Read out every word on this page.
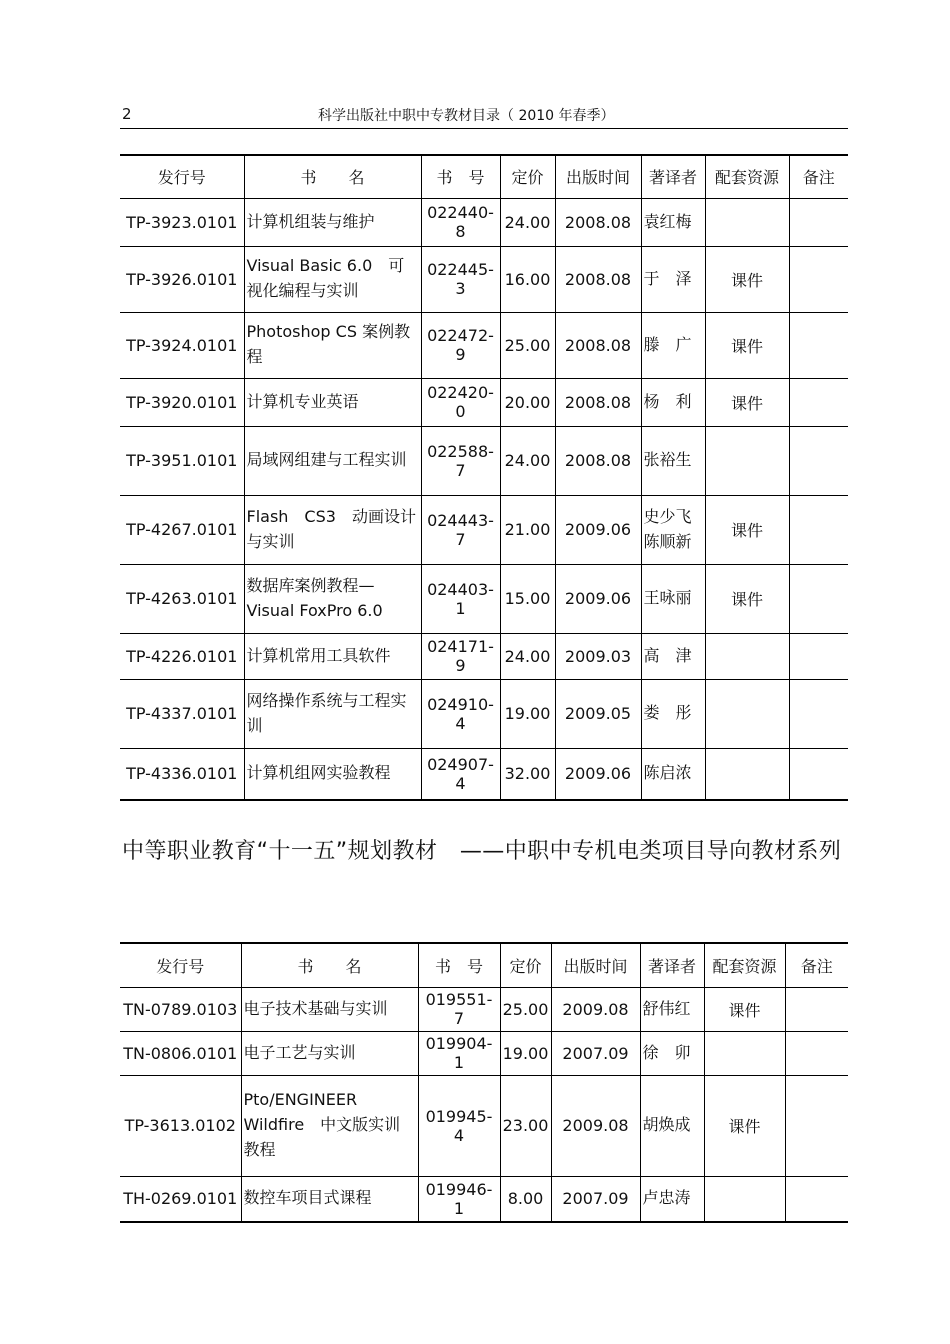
2	科学出版社中职中专教材目录（ 2010 年春季）
发行号	书　　名	书　号	定价	出版时间	著译者	配套资源	备注
TP-3923.0101	计算机组装与维护	022440-8	24.00	2008.08	袁红梅		
TP-3926.0101	Visual Basic 6.0　可视化编程与实训	022445-3	16.00	2008.08	于　泽	课件	
TP-3924.0101	Photoshop CS 案例教程	022472-9	25.00	2008.08	滕　广	课件	
TP-3920.0101	计算机专业英语	022420-0	20.00	2008.08	杨　利	课件	
TP-3951.0101	局域网组建与工程实训	022588-7	24.00	2008.08	张裕生		
TP-4267.0101	Flash　CS3　动画设计与实训	024443-7	21.00	2009.06	史少飞 陈顺新	课件	
TP-4263.0101	数据库案例教程— Visual FoxPro 6.0	024403-1	15.00	2009.06	王咏丽	课件	
TP-4226.0101	计算机常用工具软件	024171-9	24.00	2009.03	高　津		
TP-4337.0101	网络操作系统与工程实训	024910-4	19.00	2009.05	娄　彤		
TP-4336.0101	计算机组网实验教程	024907-4	32.00	2009.06	陈启浓		
中等职业教育“十一五”规划教材　——中职中专机电类项目导向教材系列
发行号	书　　名	书　号	定价	出版时间	著译者	配套资源	备注
TN-0789.0103	电子技术基础与实训	019551-7	25.00	2009.08	舒伟红	课件	
TN-0806.0101	电子工艺与实训	019904-1	19.00	2007.09	徐　卯		
TP-3613.0102	Pto/ENGINEER Wildfire　中文版实训教程	019945-4	23.00	2009.08	胡焕成	课件	
TH-0269.0101	数控车项目式课程	019946-1	8.00	2007.09	卢忠涛		
